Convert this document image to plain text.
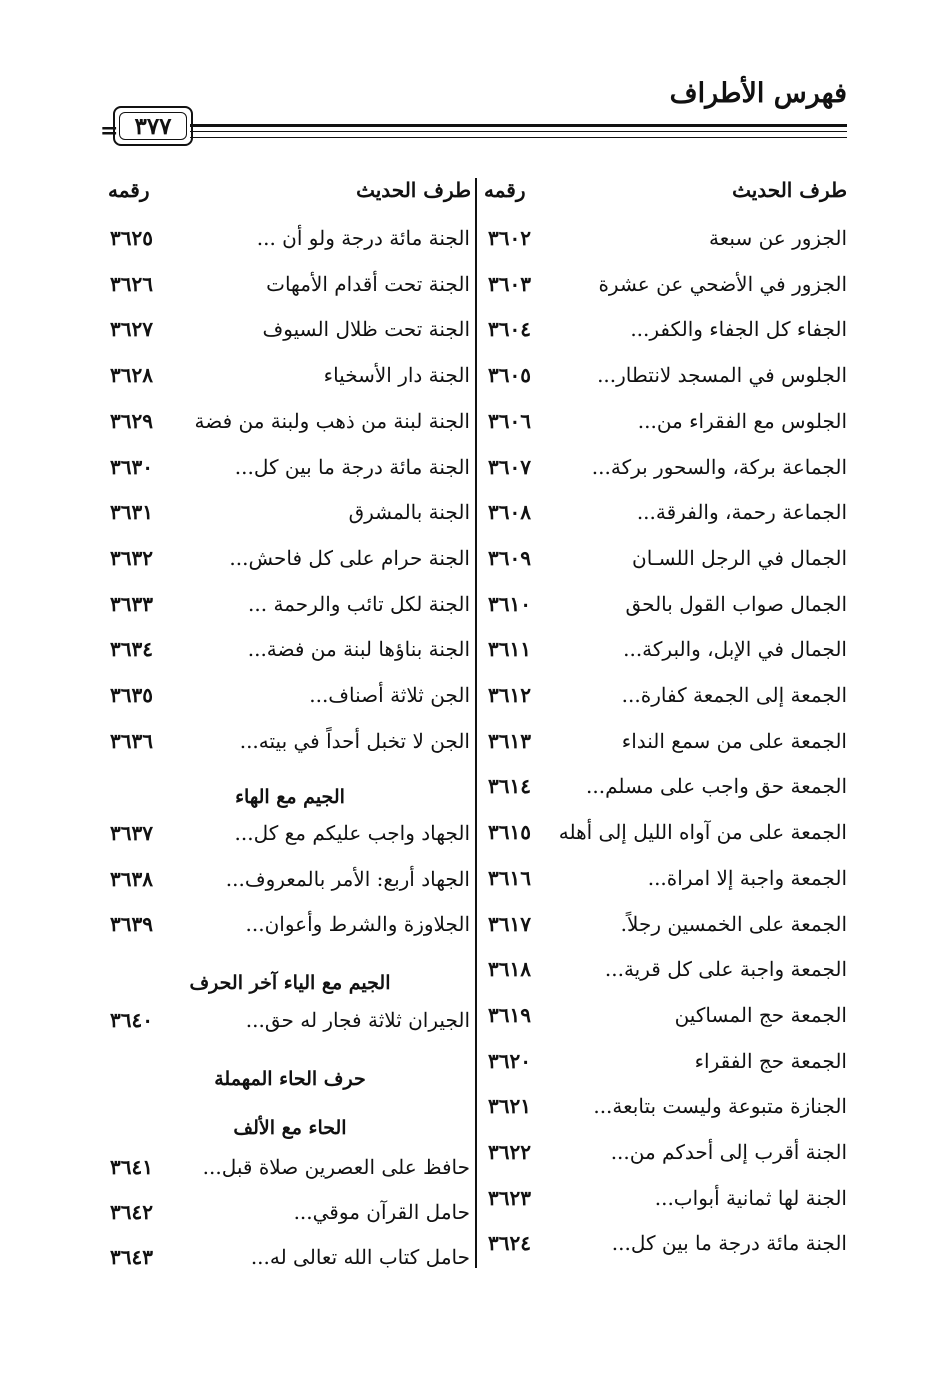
فهرس الأطراف
= ٣٧٧
طرف الحديث
رقمه
طرف الحديث
رقمه
الجزور عن سبعة
٣٦٠٢
الجزور في الأضحي عن عشرة
٣٦٠٣
الجفاء كل الجفاء والكفر...
٣٦٠٤
الجلوس في المسجد لانتطار...
٣٦٠٥
الجلوس مع الفقراء من...
٣٦٠٦
الجماعة بركة، والسحور بركة...
٣٦٠٧
الجماعة رحمة، والفرقة...
٣٦٠٨
الجمال في الرجل اللسـان
٣٦٠٩
الجمال صواب القول بالحق
٣٦١٠
الجمال في الإبل، والبركة...
٣٦١١
الجمعة إلى الجمعة كفارة...
٣٦١٢
الجمعة على من سمع النداء
٣٦١٣
الجمعة حق واجب على مسلم...
٣٦١٤
الجمعة على من آواه الليل إلى أهله
٣٦١٥
الجمعة واجبة إلا امراة...
٣٦١٦
الجمعة على الخمسين رجلاً.
٣٦١٧
الجمعة واجبة على كل قرية...
٣٦١٨
الجمعة حج المساكين
٣٦١٩
الجمعة حج الفقراء
٣٦٢٠
الجنازة متبوعة وليست بتابعة...
٣٦٢١
الجنة أقرب إلى أحدكم من...
٣٦٢٢
الجنة لها ثمانية أبواب...
٣٦٢٣
الجنة مائة درجة ما بين كل...
٣٦٢٤
الجنة مائة درجة ولو أن ...
٣٦٢٥
الجنة تحت أقدام الأمهات
٣٦٢٦
الجنة تحت ظلال السيوف
٣٦٢٧
الجنة دار الأسخياء
٣٦٢٨
الجنة لبنة من ذهب ولبنة من فضة
٣٦٢٩
الجنة مائة درجة ما بين كل...
٣٦٣٠
الجنة بالمشرق
٣٦٣١
الجنة حرام على كل فاحش...
٣٦٣٢
الجنة لكل تائب والرحمة ...
٣٦٣٣
الجنة بناؤها لبنة من فضة...
٣٦٣٤
الجن ثلاثة أصناف...
٣٦٣٥
الجن لا تخبل أحداً في بيته...
٣٦٣٦
الجيم مع الهاء
الجهاد واجب عليكم مع كل...
٣٦٣٧
الجهاد أربع: الأمر بالمعروف...
٣٦٣٨
الجلاوزة والشرط وأعوان...
٣٦٣٩
الجيم مع الياء آخر الحرف
الجيران ثلاثة فجار له حق...
٣٦٤٠
حرف الحاء المهملة
الحاء مع الألف
حافظ على العصرين صلاة قبل...
٣٦٤١
حامل القرآن موقي...
٣٦٤٢
حامل كتاب الله تعالى له...
٣٦٤٣
